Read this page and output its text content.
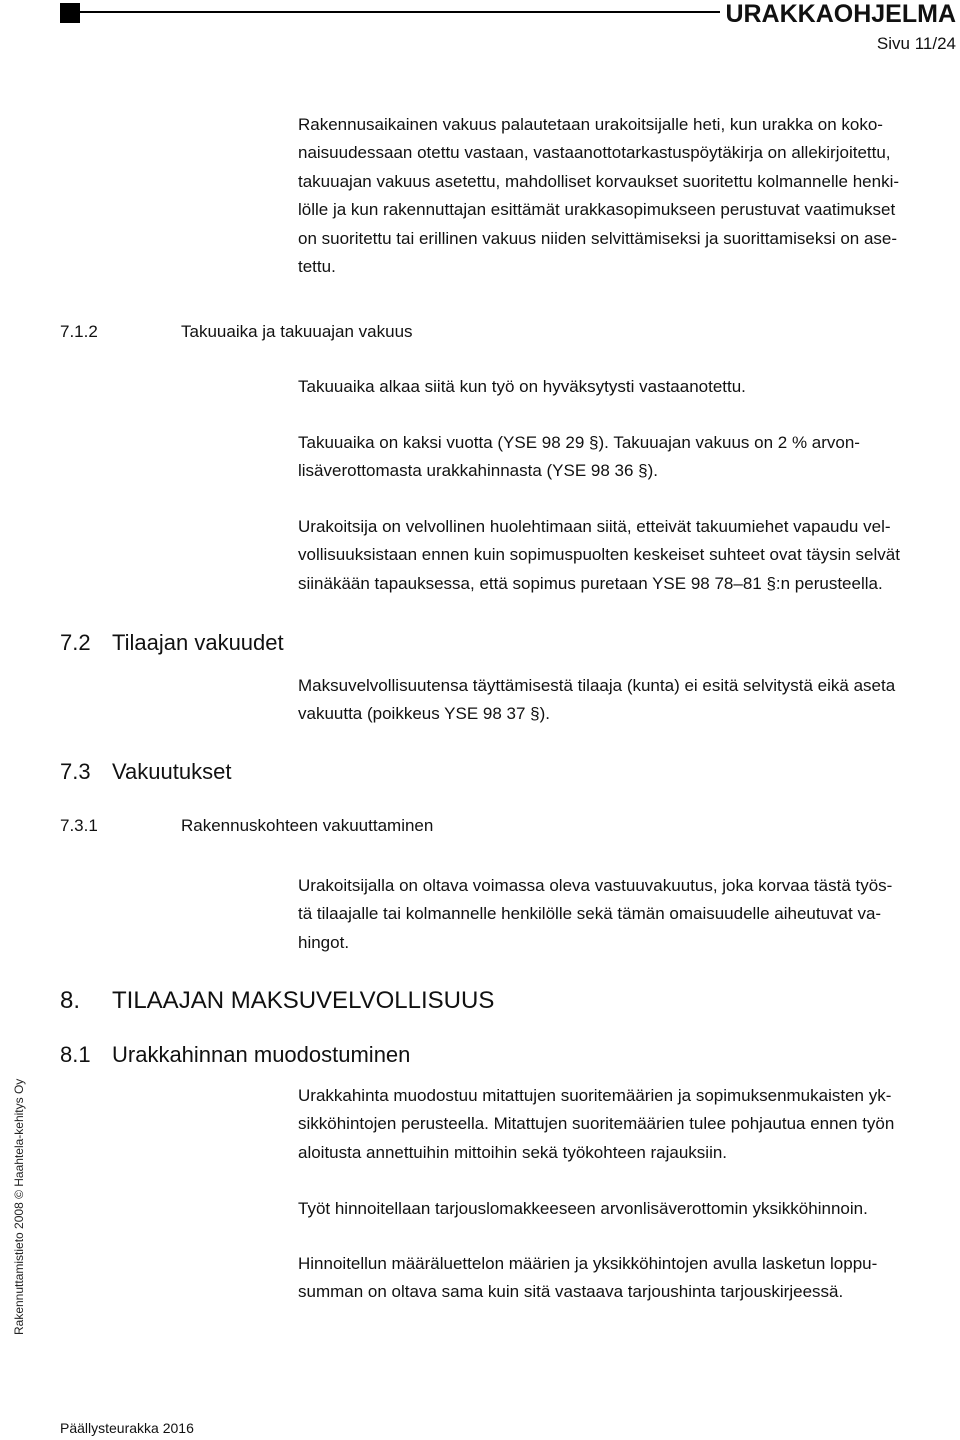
URAKKAOHJELMA
Sivu 11/24
Rakennusaikainen vakuus palautetaan urakoitsijalle heti, kun urakka on koko-
naisuudessaan otettu vastaan, vastaanottotarkastuspöytäkirja on allekirjoitettu,
takuuajan vakuus asetettu, mahdolliset korvaukset suoritettu kolmannelle henki-
lölle ja kun rakennuttajan esittämät urakkasopimukseen perustuvat vaatimukset
on suoritettu tai erillinen vakuus niiden selvittämiseksi ja suorittamiseksi on ase-
tettu.
7.1.2	Takuuaika ja takuuajan vakuus
Takuuaika alkaa siitä kun työ on hyväksytysti vastaanotettu.
Takuuaika on kaksi vuotta (YSE 98 29 §). Takuuajan vakuus on 2 % arvon-
lisäverottomasta urakkahinnasta (YSE 98 36 §).
Urakoitsija on velvollinen huolehtimaan siitä, etteivät takuumiehet vapaudu vel-
vollisuuksistaan ennen kuin sopimuspuolten keskeiset suhteet ovat täysin selvät
siinäkään tapauksessa, että sopimus puretaan YSE 98 78–81 §:n perusteella.
7.2 Tilaajan vakuudet
Maksuvelvollisuutensa täyttämisestä tilaaja (kunta) ei esitä selvitystä eikä aseta
vakuutta (poikkeus YSE 98 37 §).
7.3 Vakuutukset
7.3.1	Rakennuskohteen vakuuttaminen
Urakoitsijalla on oltava voimassa oleva vastuuvakuutus, joka korvaa tästä työs-
tä tilaajalle tai kolmannelle henkilölle sekä tämän omaisuudelle aiheutuvat va-
hingot.
8. TILAAJAN MAKSUVELVOLLISUUS
8.1 Urakkahinnan muodostuminen
Urakkahinta muodostuu mitattujen suoritemäärien ja sopimuksenmukaisten yk-
sikköhintojen perusteella. Mitattujen suoritemäärien tulee pohjautua ennen työn
aloitusta annettuihin mittoihin sekä työkohteen rajauksiin.
Työt hinnoitellaan tarjouslomakkeeseen arvonlisäverottomin yksikköhinnoin.
Hinnoitellun määräluettelon määrien ja yksikköhintojen avulla lasketun loppu-
summan on oltava sama kuin sitä vastaava tarjoushinta tarjouskirjeessä.
Rakennuttamistieto 2008 © Haahtela-kehitys Oy
Päällysteurakka 2016
